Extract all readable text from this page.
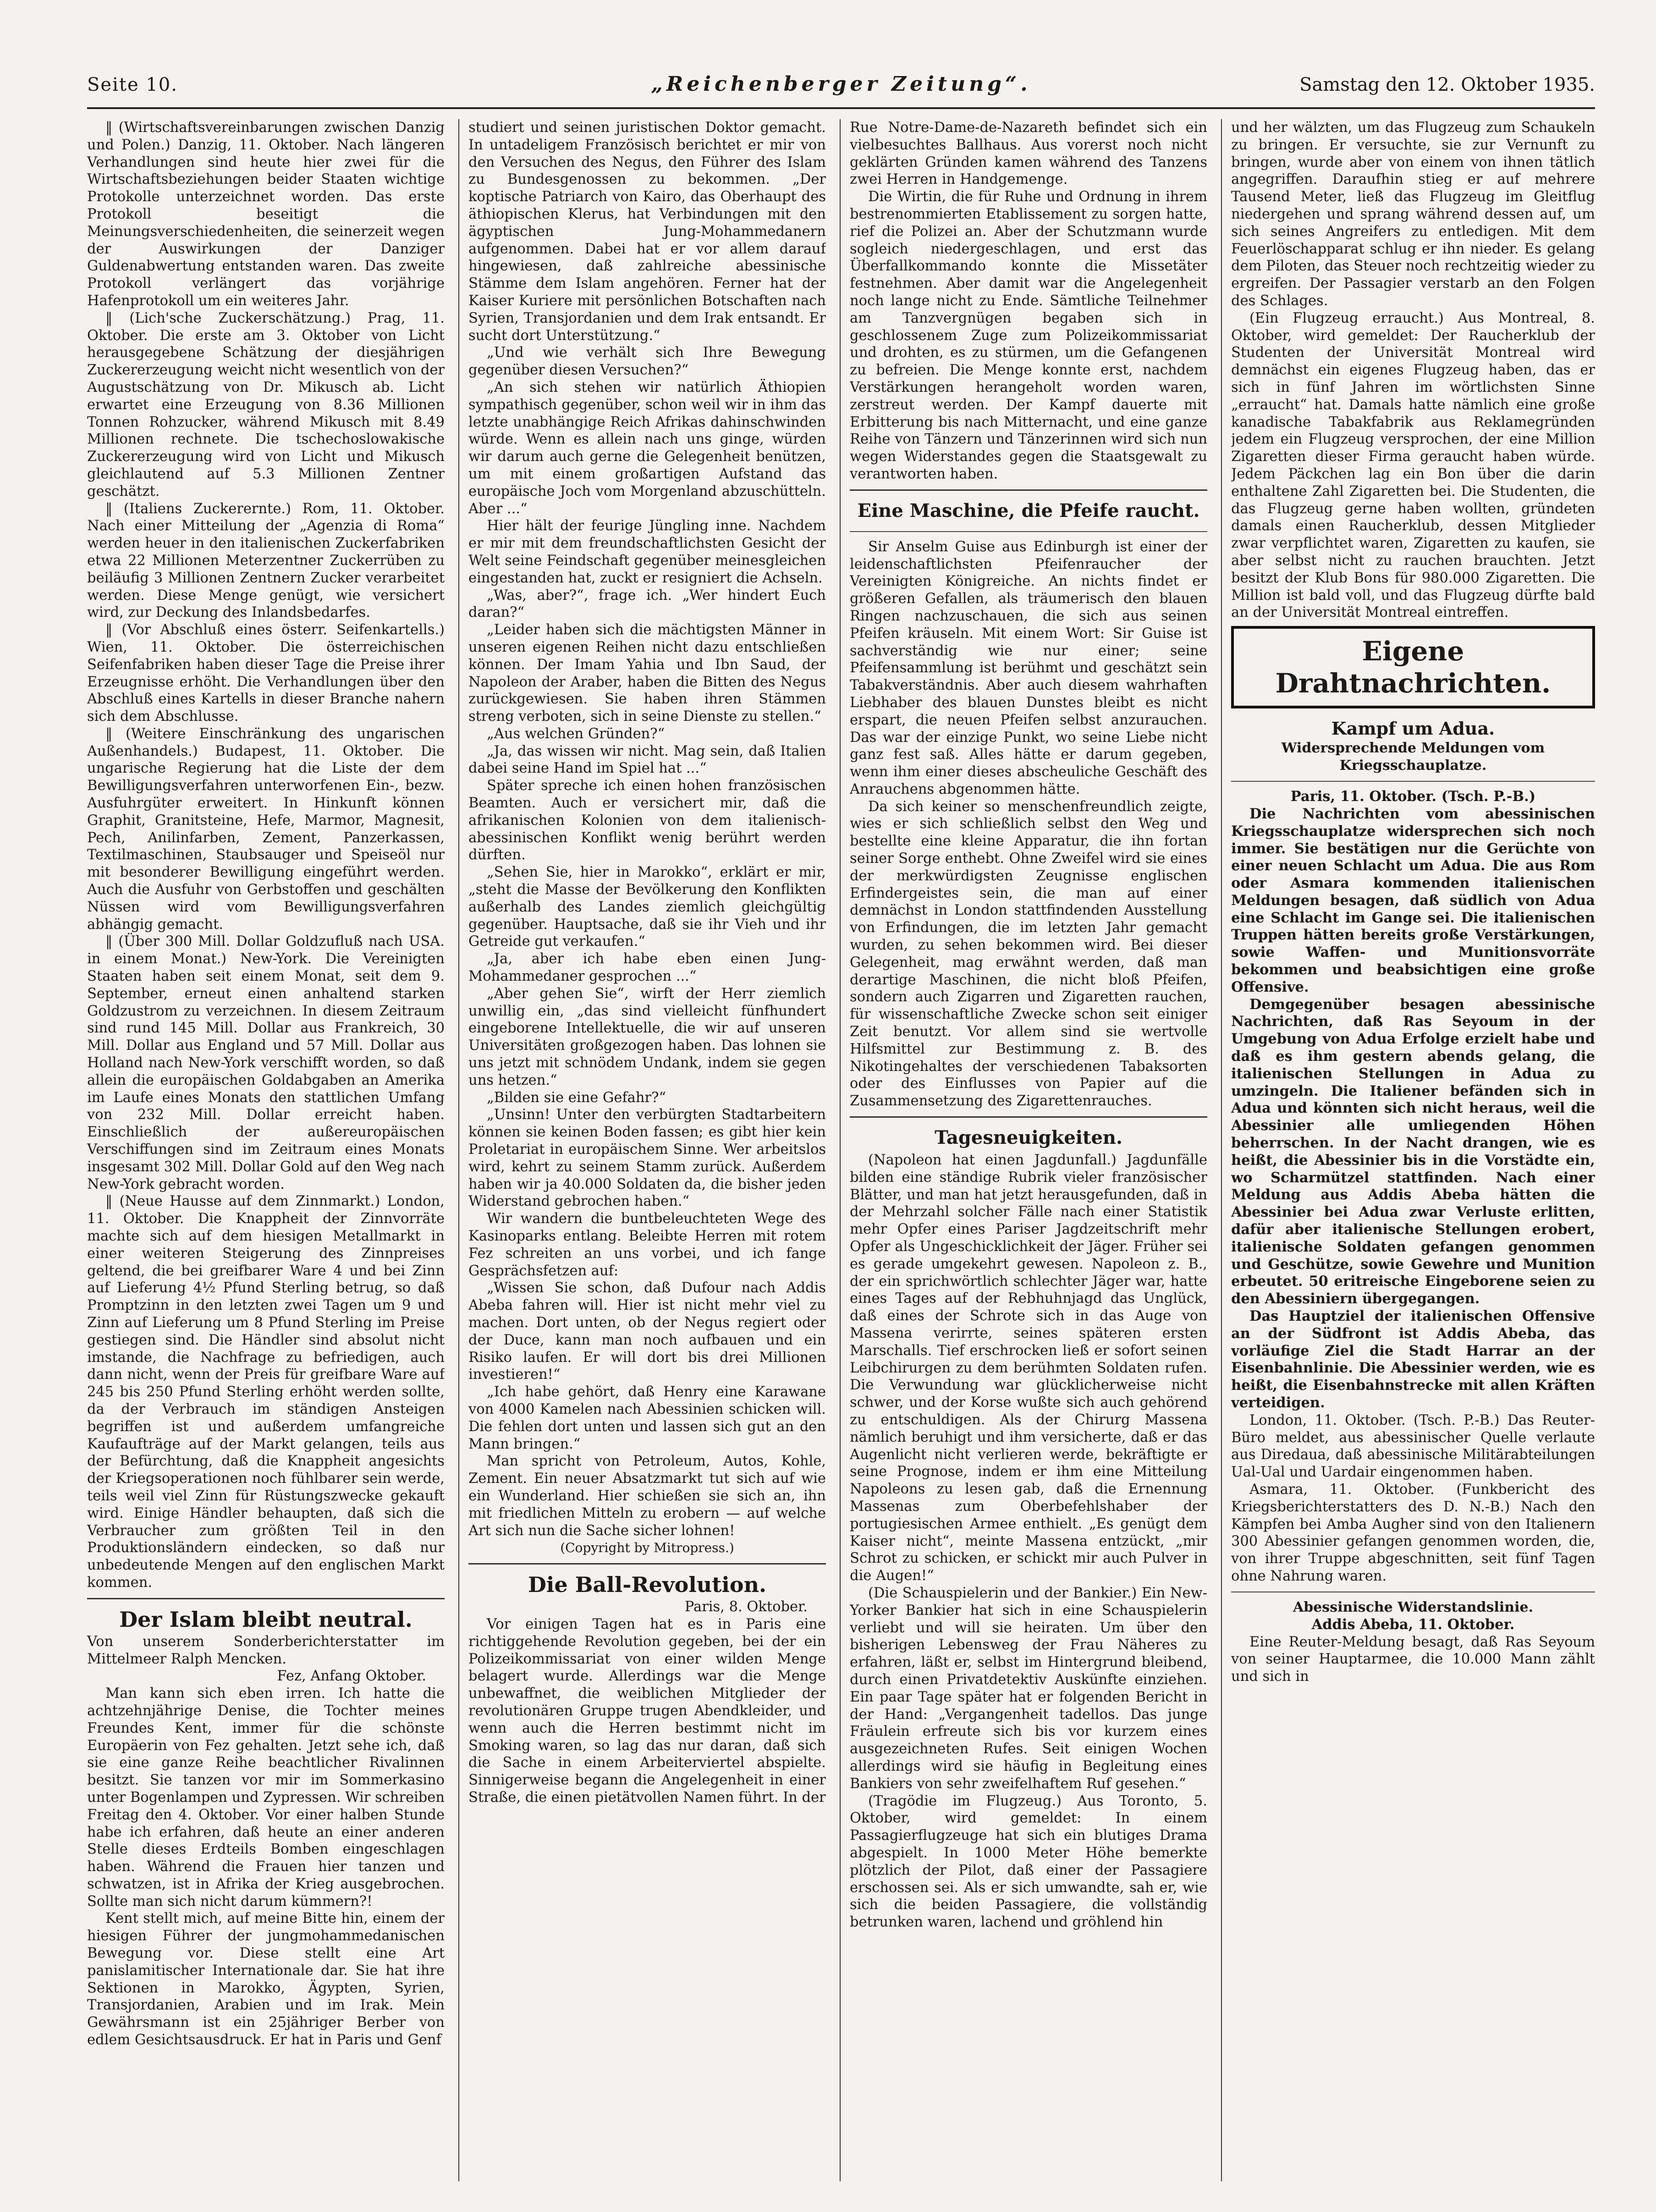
Seite 10.	„Reichenberger Zeitung“.	Samstag den 12. Oktober 1935.

‖ (Wirtschaftsvereinbarungen zwischen Danzig und Polen.) Danzig, 11. Oktober. Nach längeren Verhandlungen sind heute hier zwei für die Wirtschaftsbeziehungen beider Staaten wichtige Protokolle unterzeichnet worden. Das erste Protokoll beseitigt die Meinungsverschiedenheiten, die seinerzeit wegen der Auswirkungen der Danziger Guldenabwertung entstanden waren. Das zweite Protokoll verlängert das vorjährige Hafenprotokoll um ein weiteres Jahr.

‖ (Lich'sche Zuckerschätzung.) Prag, 11. Oktober. Die erste am 3. Oktober von Licht herausgegebene Schätzung der diesjährigen Zuckererzeugung weicht nicht wesentlich von der Augustschätzung von Dr. Mikusch ab. Licht erwartet eine Erzeugung von 8.36 Millionen Tonnen Rohzucker, während Mikusch mit 8.49 Millionen rechnete. Die tschechoslowakische Zuckererzeugung wird von Licht und Mikusch gleichlautend auf 5.3 Millionen Zentner geschätzt.

‖ (Italiens Zuckerernte.) Rom, 11. Oktober. Nach einer Mitteilung der „Agenzia di Roma“ werden heuer in den italienischen Zuckerfabriken etwa 22 Millionen Meterzentner Zuckerrüben zu beiläufig 3 Millionen Zentnern Zucker verarbeitet werden. Diese Menge genügt, wie versichert wird, zur Deckung des Inlandsbedarfes.

‖ (Vor Abschluß eines österr. Seifenkartells.) Wien, 11. Oktober. Die österreichischen Seifenfabriken haben dieser Tage die Preise ihrer Erzeugnisse erhöht. Die Verhandlungen über den Abschluß eines Kartells in dieser Branche nahern sich dem Abschlusse.

‖ (Weitere Einschränkung des ungarischen Außenhandels.) Budapest, 11. Oktober. Die ungarische Regierung hat die Liste der dem Bewilligungsverfahren unterworfenen Ein-, bezw. Ausfuhrgüter erweitert. In Hinkunft können Graphit, Granitsteine, Hefe, Marmor, Magnesit, Pech, Anilinfarben, Zement, Panzerkassen, Textilmaschinen, Staubsauger und Speiseöl nur mit besonderer Bewilligung eingeführt werden. Auch die Ausfuhr von Gerbstoffen und geschälten Nüssen wird vom Bewilligungsverfahren abhängig gemacht.

‖ (Über 300 Mill. Dollar Goldzufluß nach USA. in einem Monat.) New-York. Die Vereinigten Staaten haben seit einem Monat, seit dem 9. September, erneut einen anhaltend starken Goldzustrom zu verzeichnen. In diesem Zeitraum sind rund 145 Mill. Dollar aus Frankreich, 30 Mill. Dollar aus England und 57 Mill. Dollar aus Holland nach New-York verschifft worden, so daß allein die europäischen Goldabgaben an Amerika im Laufe eines Monats den stattlichen Umfang von 232 Mill. Dollar erreicht haben. Einschließlich der außereuropäischen Verschiffungen sind im Zeitraum eines Monats insgesamt 302 Mill. Dollar Gold auf den Weg nach New-York gebracht worden.

‖ (Neue Hausse auf dem Zinnmarkt.) London, 11. Oktober. Die Knappheit der Zinnvorräte machte sich auf dem hiesigen Metallmarkt in einer weiteren Steigerung des Zinnpreises geltend, die bei greifbarer Ware 4 und bei Zinn auf Lieferung 4½ Pfund Sterling betrug, so daß Promptzinn in den letzten zwei Tagen um 9 und Zinn auf Lieferung um 8 Pfund Sterling im Preise gestiegen sind. Die Händler sind absolut nicht imstande, die Nachfrage zu befriedigen, auch dann nicht, wenn der Preis für greifbare Ware auf 245 bis 250 Pfund Sterling erhöht werden sollte, da der Verbrauch im ständigen Ansteigen begriffen ist und außerdem umfangreiche Kaufaufträge auf der Markt gelangen, teils aus der Befürchtung, daß die Knappheit angesichts der Kriegsoperationen noch fühlbarer sein werde, teils weil viel Zinn für Rüstungszwecke gekauft wird. Einige Händler behaupten, daß sich die Verbraucher zum größten Teil in den Produktionsländern eindecken, so daß nur unbedeutende Mengen auf den englischen Markt kommen.

Der Islam bleibt neutral.

Von unserem Sonderberichterstatter im Mittelmeer Ralph Mencken.

Fez, Anfang Oktober.

Man kann sich eben irren. Ich hatte die achtzehnjährige Denise, die Tochter meines Freundes Kent, immer für die schönste Europäerin von Fez gehalten. Jetzt sehe ich, daß sie eine ganze Reihe beachtlicher Rivalinnen besitzt. Sie tanzen vor mir im Sommerkasino unter Bogenlampen und Zypressen. Wir schreiben Freitag den 4. Oktober. Vor einer halben Stunde habe ich erfahren, daß heute an einer anderen Stelle dieses Erdteils Bomben eingeschlagen haben. Während die Frauen hier tanzen und schwatzen, ist in Afrika der Krieg ausgebrochen. Sollte man sich nicht darum kümmern?!

Kent stellt mich, auf meine Bitte hin, einem der hiesigen Führer der jungmohammedanischen Bewegung vor. Diese stellt eine Art panislamitischer Internationale dar. Sie hat ihre Sektionen in Marokko, Ägypten, Syrien, Transjordanien, Arabien und im Irak. Mein Gewährsmann ist ein 25jähriger Berber von edlem Gesichtsausdruck. Er hat in Paris und Genf

studiert und seinen juristischen Doktor gemacht. In untadeligem Französisch berichtet er mir von den Versuchen des Negus, den Führer des Islam zu Bundesgenossen zu bekommen. „Der koptische Patriarch von Kairo, das Oberhaupt des äthiopischen Klerus, hat Verbindungen mit den ägyptischen Jung-Mohammedanern aufgenommen. Dabei hat er vor allem darauf hingewiesen, daß zahlreiche abessinische Stämme dem Islam angehören. Ferner hat der Kaiser Kuriere mit persönlichen Botschaften nach Syrien, Transjordanien und dem Irak entsandt. Er sucht dort Unterstützung.“

„Und wie verhält sich Ihre Bewegung gegenüber diesen Versuchen?“

„An sich stehen wir natürlich Äthiopien sympathisch gegenüber, schon weil wir in ihm das letzte unabhängige Reich Afrikas dahinschwinden würde. Wenn es allein nach uns ginge, würden wir darum auch gerne die Gelegenheit benützen, um mit einem großartigen Aufstand das europäische Joch vom Morgenland abzuschütteln. Aber ...“

Hier hält der feurige Jüngling inne. Nachdem er mir mit dem freundschaftlichsten Gesicht der Welt seine Feindschaft gegenüber meinesgleichen eingestanden hat, zuckt er resigniert die Achseln.

„Was, aber?“, frage ich. „Wer hindert Euch daran?“

„Leider haben sich die mächtigsten Männer in unseren eigenen Reihen nicht dazu entschließen können. Der Imam Yahia und Ibn Saud, der Napoleon der Araber, haben die Bitten des Negus zurückgewiesen. Sie haben ihren Stämmen streng verboten, sich in seine Dienste zu stellen.“

„Aus welchen Gründen?“

„Ja, das wissen wir nicht. Mag sein, daß Italien dabei seine Hand im Spiel hat ...“

Später spreche ich einen hohen französischen Beamten. Auch er versichert mir, daß die afrikanischen Kolonien von dem italienisch-abessinischen Konflikt wenig berührt werden dürften.

„Sehen Sie, hier in Marokko“, erklärt er mir, „steht die Masse der Bevölkerung den Konflikten außerhalb des Landes ziemlich gleichgültig gegenüber. Hauptsache, daß sie ihr Vieh und ihr Getreide gut verkaufen.“

„Ja, aber ich habe eben einen Jung-Mohammedaner gesprochen ...“

„Aber gehen Sie“, wirft der Herr ziemlich unwillig ein, „das sind vielleicht fünfhundert eingeborene Intellektuelle, die wir auf unseren Universitäten großgezogen haben. Das lohnen sie uns jetzt mit schnödem Undank, indem sie gegen uns hetzen.“

„Bilden sie eine Gefahr?“

„Unsinn! Unter den verbürgten Stadtarbeitern können sie keinen Boden fassen; es gibt hier kein Proletariat in europäischem Sinne. Wer arbeitslos wird, kehrt zu seinem Stamm zurück. Außerdem haben wir ja 40.000 Soldaten da, die bisher jeden Widerstand gebrochen haben.“

Wir wandern die buntbeleuchteten Wege des Kasinoparks entlang. Beleibte Herren mit rotem Fez schreiten an uns vorbei, und ich fange Gesprächsfetzen auf:

„Wissen Sie schon, daß Dufour nach Addis Abeba fahren will. Hier ist nicht mehr viel zu machen. Dort unten, ob der Negus regiert oder der Duce, kann man noch aufbauen und ein Risiko laufen. Er will dort bis drei Millionen investieren!“

„Ich habe gehört, daß Henry eine Karawane von 4000 Kamelen nach Abessinien schicken will. Die fehlen dort unten und lassen sich gut an den Mann bringen.“

Man spricht von Petroleum, Autos, Kohle, Zement. Ein neuer Absatzmarkt tut sich auf wie ein Wunderland. Hier schießen sie sich an, ihn mit friedlichen Mitteln zu erobern — auf welche Art sich nun die Sache sicher lohnen!

(Copyright by Mitropress.)

Die Ball-Revolution.

Paris, 8. Oktober.

Vor einigen Tagen hat es in Paris eine richtiggehende Revolution gegeben, bei der ein Polizeikommissariat von einer wilden Menge belagert wurde. Allerdings war die Menge unbewaffnet, die weiblichen Mitglieder der revolutionären Gruppe trugen Abendkleider, und wenn auch die Herren bestimmt nicht im Smoking waren, so lag das nur daran, daß sich die Sache in einem Arbeiterviertel abspielte. Sinnigerweise begann die Angelegenheit in einer Straße, die einen pietätvollen Namen führt. In der

Rue Notre-Dame-de-Nazareth befindet sich ein vielbesuchtes Ballhaus. Aus vorerst noch nicht geklärten Gründen kamen während des Tanzens zwei Herren in Handgemenge.

Die Wirtin, die für Ruhe und Ordnung in ihrem bestrenommierten Etablissement zu sorgen hatte, rief die Polizei an. Aber der Schutzmann wurde sogleich niedergeschlagen, und erst das Überfallkommando konnte die Missetäter festnehmen. Aber damit war die Angelegenheit noch lange nicht zu Ende. Sämtliche Teilnehmer am Tanzvergnügen begaben sich in geschlossenem Zuge zum Polizeikommissariat und drohten, es zu stürmen, um die Gefangenen zu befreien. Die Menge konnte erst, nachdem Verstärkungen herangeholt worden waren, zerstreut werden. Der Kampf dauerte mit Erbitterung bis nach Mitternacht, und eine ganze Reihe von Tänzern und Tänzerinnen wird sich nun wegen Widerstandes gegen die Staatsgewalt zu verantworten haben.

Eine Maschine, die Pfeife raucht.

Sir Anselm Guise aus Edinburgh ist einer der leidenschaftlichsten Pfeifenraucher der Vereinigten Königreiche. An nichts findet er größeren Gefallen, als träumerisch den blauen Ringen nachzuschauen, die sich aus seinen Pfeifen kräuseln. Mit einem Wort: Sir Guise ist sachverständig wie nur einer; seine Pfeifensammlung ist berühmt und geschätzt sein Tabakverständnis. Aber auch diesem wahrhaften Liebhaber des blauen Dunstes bleibt es nicht erspart, die neuen Pfeifen selbst anzurauchen. Das war der einzige Punkt, wo seine Liebe nicht ganz fest saß. Alles hätte er darum gegeben, wenn ihm einer dieses abscheuliche Geschäft des Anrauchens abgenommen hätte.

Da sich keiner so menschenfreundlich zeigte, wies er sich schließlich selbst den Weg und bestellte eine kleine Apparatur, die ihn fortan seiner Sorge enthebt. Ohne Zweifel wird sie eines der merkwürdigsten Zeugnisse englischen Erfindergeistes sein, die man auf einer demnächst in London stattfindenden Ausstellung von Erfindungen, die im letzten Jahr gemacht wurden, zu sehen bekommen wird. Bei dieser Gelegenheit, mag erwähnt werden, daß man derartige Maschinen, die nicht bloß Pfeifen, sondern auch Zigarren und Zigaretten rauchen, für wissenschaftliche Zwecke schon seit einiger Zeit benutzt. Vor allem sind sie wertvolle Hilfsmittel zur Bestimmung z. B. des Nikotingehaltes der verschiedenen Tabaksorten oder des Einflusses von Papier auf die Zusammensetzung des Zigarettenrauches.

Tagesneuigkeiten.

(Napoleon hat einen Jagdunfall.) Jagdunfälle bilden eine ständige Rubrik vieler französischer Blätter, und man hat jetzt herausgefunden, daß in der Mehrzahl solcher Fälle nach einer Statistik mehr Opfer eines Pariser Jagdzeitschrift mehr Opfer als Ungeschicklichkeit der Jäger. Früher sei es gerade umgekehrt gewesen. Napoleon z. B., der ein sprichwörtlich schlechter Jäger war, hatte eines Tages auf der Rebhuhnjagd das Unglück, daß eines der Schrote sich in das Auge von Massena verirrte, seines späteren ersten Marschalls. Tief erschrocken ließ er sofort seinen Leibchirurgen zu dem berühmten Soldaten rufen. Die Verwundung war glücklicherweise nicht schwer, und der Korse wußte sich auch gehörend zu entschuldigen. Als der Chirurg Massena nämlich beruhigt und ihm versicherte, daß er das Augenlicht nicht verlieren werde, bekräftigte er seine Prognose, indem er ihm eine Mitteilung Napoleons zu lesen gab, daß die Ernennung Massenas zum Oberbefehlshaber der portugiesischen Armee enthielt. „Es genügt dem Kaiser nicht“, meinte Massena entzückt, „mir Schrot zu schicken, er schickt mir auch Pulver in die Augen!“

(Die Schauspielerin und der Bankier.) Ein New-Yorker Bankier hat sich in eine Schauspielerin verliebt und will sie heiraten. Um über den bisherigen Lebensweg der Frau Näheres zu erfahren, läßt er, selbst im Hintergrund bleibend, durch einen Privatdetektiv Auskünfte einziehen. Ein paar Tage später hat er folgenden Bericht in der Hand: „Vergangenheit tadellos. Das junge Fräulein erfreute sich bis vor kurzem eines ausgezeichneten Rufes. Seit einigen Wochen allerdings wird sie häufig in Begleitung eines Bankiers von sehr zweifelhaftem Ruf gesehen.“

(Tragödie im Flugzeug.) Aus Toronto, 5. Oktober, wird gemeldet: In einem Passagierflugzeuge hat sich ein blutiges Drama abgespielt. In 1000 Meter Höhe bemerkte plötzlich der Pilot, daß einer der Passagiere erschossen sei. Als er sich umwandte, sah er, wie sich die beiden Passagiere, die vollständig betrunken waren, lachend und gröhlend hin

und her wälzten, um das Flugzeug zum Schaukeln zu bringen. Er versuchte, sie zur Vernunft zu bringen, wurde aber von einem von ihnen tätlich angegriffen. Daraufhin stieg er auf mehrere Tausend Meter, ließ das Flugzeug im Gleitflug niedergehen und sprang während dessen auf, um sich seines Angreifers zu entledigen. Mit dem Feuerlöschapparat schlug er ihn nieder. Es gelang dem Piloten, das Steuer noch rechtzeitig wieder zu ergreifen. Der Passagier verstarb an den Folgen des Schlages.

(Ein Flugzeug erraucht.) Aus Montreal, 8. Oktober, wird gemeldet: Der Raucherklub der Studenten der Universität Montreal wird demnächst ein eigenes Flugzeug haben, das er sich in fünf Jahren im wörtlichsten Sinne „erraucht“ hat. Damals hatte nämlich eine große kanadische Tabakfabrik aus Reklamegründen jedem ein Flugzeug versprochen, der eine Million Zigaretten dieser Firma geraucht haben würde. Jedem Päckchen lag ein Bon über die darin enthaltene Zahl Zigaretten bei. Die Studenten, die das Flugzeug gerne haben wollten, gründeten damals einen Raucherklub, dessen Mitglieder zwar verpflichtet waren, Zigaretten zu kaufen, sie aber selbst nicht zu rauchen brauchten. Jetzt besitzt der Klub Bons für 980.000 Zigaretten. Die Million ist bald voll, und das Flugzeug dürfte bald an der Universität Montreal eintreffen.

Eigene Drahtnachrichten.

Kampf um Adua.

Widersprechende Meldungen vom Kriegsschauplatze.

Paris, 11. Oktober. (Tsch. P.-B.)

Die Nachrichten vom abessinischen Kriegsschauplatze widersprechen sich noch immer. Sie bestätigen nur die Gerüchte von einer neuen Schlacht um Adua. Die aus Rom oder Asmara kommenden italienischen Meldungen besagen, daß südlich von Adua eine Schlacht im Gange sei. Die italienischen Truppen hätten bereits große Verstärkungen, sowie Waffen- und Munitionsvorräte bekommen und beabsichtigen eine große Offensive.

Demgegenüber besagen abessinische Nachrichten, daß Ras Seyoum in der Umgebung von Adua Erfolge erzielt habe und daß es ihm gestern abends gelang, die italienischen Stellungen in Adua zu umzingeln. Die Italiener befänden sich in Adua und könnten sich nicht heraus, weil die Abessinier alle umliegenden Höhen beherrschen. In der Nacht drangen, wie es heißt, die Abessinier bis in die Vorstädte ein, wo Scharmützel stattfinden. Nach einer Meldung aus Addis Abeba hätten die Abessinier bei Adua zwar Verluste erlitten, dafür aber italienische Stellungen erobert, italienische Soldaten gefangen genommen und Geschütze, sowie Gewehre und Munition erbeutet. 50 eritreische Eingeborene seien zu den Abessiniern übergegangen.

Das Hauptziel der italienischen Offensive an der Südfront ist Addis Abeba, das vorläufige Ziel die Stadt Harrar an der Eisenbahnlinie. Die Abessinier werden, wie es heißt, die Eisenbahnstrecke mit allen Kräften verteidigen.

London, 11. Oktober. (Tsch. P.-B.) Das Reuter-Büro meldet, aus abessinischer Quelle verlaute aus Diredaua, daß abessinische Militärabteilungen Ual-Ual und Uardair eingenommen haben.

Asmara, 11. Oktober. (Funkbericht des Kriegsberichterstatters des D. N.-B.) Nach den Kämpfen bei Amba Augher sind von den Italienern 300 Abessinier gefangen genommen worden, die, von ihrer Truppe abgeschnitten, seit fünf Tagen ohne Nahrung waren.

Abessinische Widerstandslinie.

Addis Abeba, 11. Oktober.

Eine Reuter-Meldung besagt, daß Ras Seyoum von seiner Hauptarmee, die 10.000 Mann zählt und sich in
